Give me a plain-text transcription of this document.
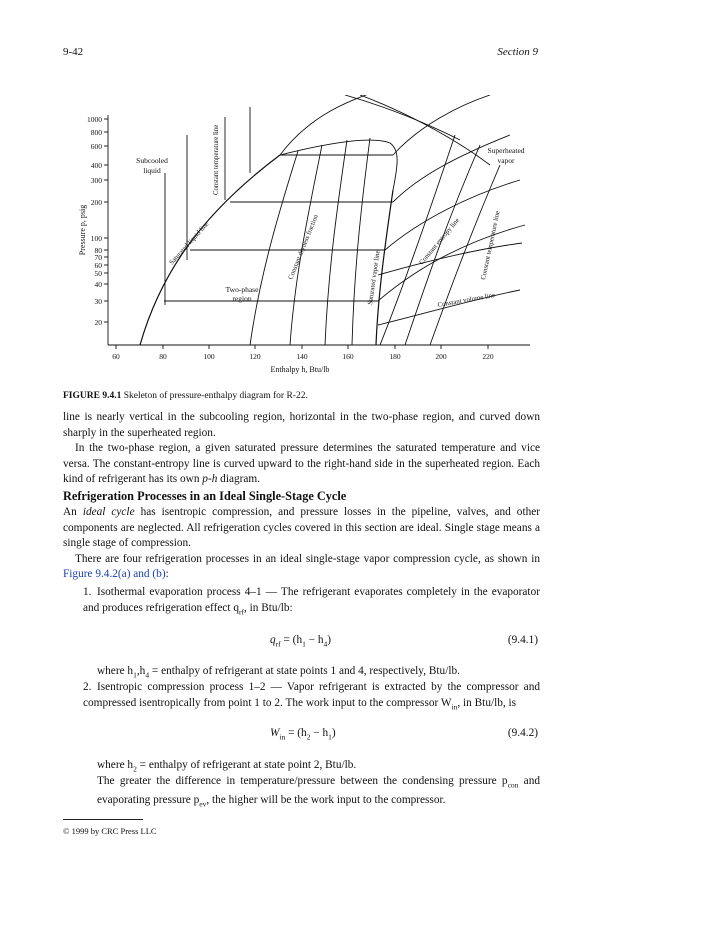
9-42	Section 9
1000
800
600
400
300
200
100
80
70
60
50
40
30
20
60	80	100	120	140	160	180	200	220
Enthalpy h, Btu/lb
Pressure p, psig
Subcooled
liquid
Superheated
vapor
Two-phase
region
Constant temperature line
Saturated liquid line	Constant dryness fraction	Saturated vapor line
Constant entropy line	Constant temperature line
Constant volume line
FIGURE 9.4.1 Skeleton of pressure-enthalpy diagram for R-22.
line is nearly vertical in the subcooling region, horizontal in the two-phase region, and curved down sharply in the superheated region.
In the two-phase region, a given saturated pressure determines the saturated temperature and vice versa. The constant-entropy line is curved upward to the right-hand side in the superheated region. Each kind of refrigerant has its own p-h diagram.
Refrigeration Processes in an Ideal Single-Stage Cycle
An ideal cycle has isentropic compression, and pressure losses in the pipeline, valves, and other components are neglected. All refrigeration cycles covered in this section are ideal. Single stage means a single stage of compression.
There are four refrigeration processes in an ideal single-stage vapor compression cycle, as shown in Figure 9.4.2(a) and (b):
1. Isothermal evaporation process 4–1 — The refrigerant evaporates completely in the evaporator and produces refrigeration effect $q_{rf}$, in Btu/lb:
$q_{rf} = (h_1 - h_4)$	(9.4.1)
where $h_1,h_4$ = enthalpy of refrigerant at state points 1 and 4, respectively, Btu/lb.
2. Isentropic compression process 1–2 — Vapor refrigerant is extracted by the compressor and compressed isentropically from point 1 to 2. The work input to the compressor $W_{in}$, in Btu/lb, is
$W_{in} = (h_2 - h_1)$	(9.4.2)
where $h_2$ = enthalpy of refrigerant at state point 2, Btu/lb.
The greater the difference in temperature/pressure between the condensing pressure $p_{con}$ and evaporating pressure $p_{ev}$, the higher will be the work input to the compressor.
© 1999 by CRC Press LLC
